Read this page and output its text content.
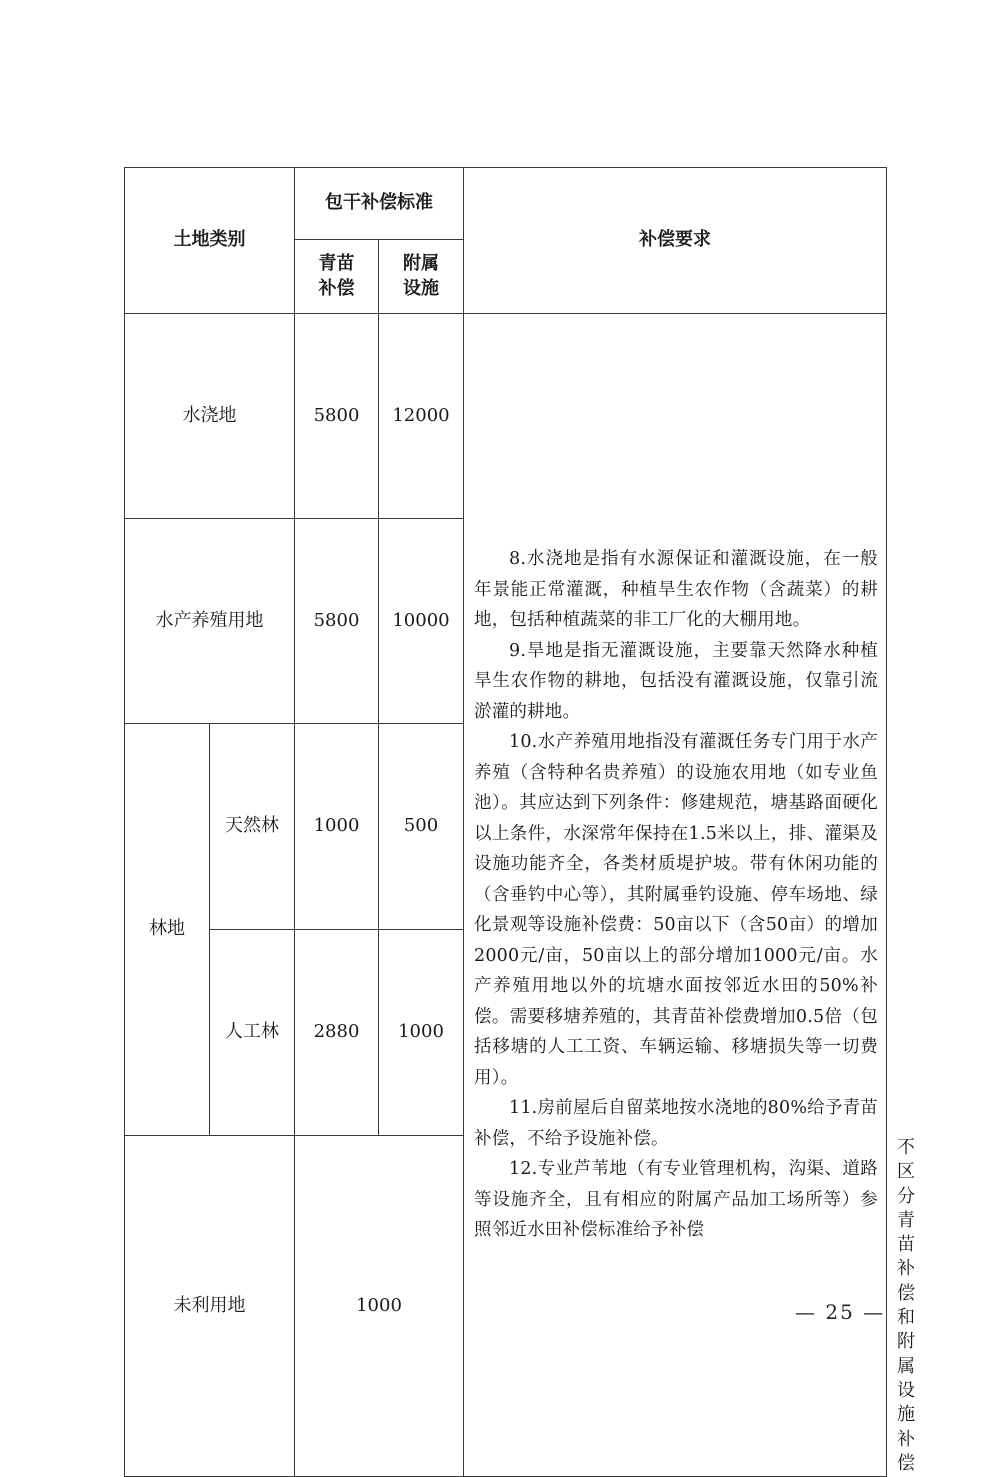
土地类别		包干补偿标准		补偿要求	

		青苗补偿	附属设施		

水浇地		5800	12000	8.水浇地是指有水源保证和灌溉设施，在一般年景能正常灌溉，种植旱生农作物（含蔬菜）的耕地，包括种植蔬菜的非工厂化的大棚用地。

9.旱地是指无灌溉设施，主要靠天然降水种植旱生农作物的耕地，包括没有灌溉设施，仅靠引流淤灌的耕地。

10.水产养殖用地指没有灌溉任务专门用于水产养殖（含特种名贵养殖）的设施农用地（如专业鱼池）。其应达到下列条件：修建规范，塘基路面硬化以上条件，水深常年保持在1.5米以上，排、灌渠及设施功能齐全，各类材质堤护坡。带有休闲功能的（含垂钓中心等），其附属垂钓设施、停车场地、绿化景观等设施补偿费：50亩以下（含50亩）的增加2000元/亩，50亩以上的部分增加1000元/亩。水产养殖用地以外的坑塘水面按邻近水田的50%补偿。需要移塘养殖的，其青苗补偿费增加0.5倍（包括移塘的人工工资、车辆运输、移塘损失等一切费用）。

11.房前屋后自留菜地按水浇地的80%给予青苗补偿，不给予设施补偿。

12.专业芦苇地（有专业管理机构，沟渠、道路等设施齐全，且有相应的附属产品加工场所等）参照邻近水田补偿标准给予补偿	

水产养殖用地		5800	10000		
林地	天然林	1000	500		
	人工林	2880	1000		
未利用地		1000			不区分青苗补偿和附属设施补偿
— 25 —
